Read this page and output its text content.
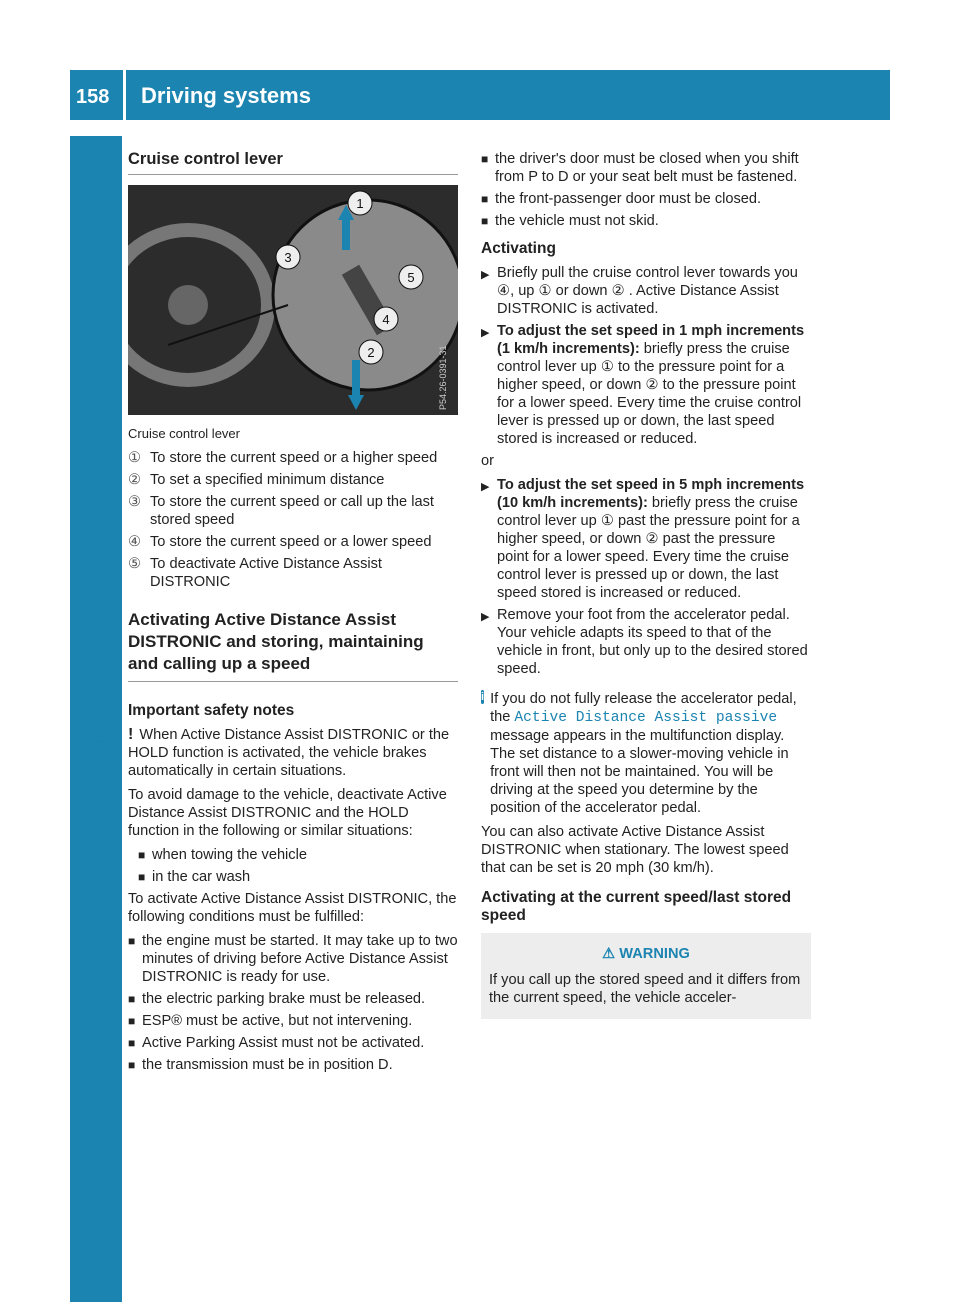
158 Driving systems
Driving and parking
Cruise control lever
1
3
5
4
2	P54.26-0391-31

Cruise control lever

① To store the current speed or a higher speed
② To set a specified minimum distance
③ To store the current speed or call up the last stored speed
④ To store the current speed or a lower speed
⑤ To deactivate Active Distance Assist DISTRONIC
Activating Active Distance Assist DISTRONIC and storing, maintaining and calling up a speed
Important safety notes

! When Active Distance Assist DISTRONIC or the HOLD function is activated, the vehicle brakes automatically in certain situations.

To avoid damage to the vehicle, deactivate Active Distance Assist DISTRONIC and the HOLD function in the following or similar situations:

■ when towing the vehicle
■ in the car wash

To activate Active Distance Assist DISTRONIC, the following conditions must be fulfilled:

■ the engine must be started. It may take up to two minutes of driving before Active Distance Assist DISTRONIC is ready for use.
■ the electric parking brake must be released.
■ ESP® must be active, but not intervening.
■ Active Parking Assist must not be activated.
■ the transmission must be in position D.
■ the driver's door must be closed when you shift from P to D or your seat belt must be fastened.
■ the front-passenger door must be closed.
■ the vehicle must not skid.
Activating
▶ Briefly pull the cruise control lever towards you ④, up ① or down ② . Active Distance Assist DISTRONIC is activated.
▶ To adjust the set speed in 1 mph increments (1 km/h increments): briefly press the cruise control lever up ① to the pressure point for a higher speed, or down ② to the pressure point for a lower speed. Every time the cruise control lever is pressed up or down, the last speed stored is increased or reduced.

or

▶ To adjust the set speed in 5 mph increments (10 km/h increments): briefly press the cruise control lever up ① past the pressure point for a higher speed, or down ② past the pressure point for a lower speed. Every time the cruise control lever is pressed up or down, the last speed stored is increased or reduced.
▶ Remove your foot from the accelerator pedal. Your vehicle adapts its speed to that of the vehicle in front, but only up to the desired stored speed.

i If you do not fully release the accelerator pedal, the Active Distance Assist passive message appears in the multifunction display. The set distance to a slower-moving vehicle in front will then not be maintained. You will be driving at the speed you determine by the position of the accelerator pedal.

You can also activate Active Distance Assist DISTRONIC when stationary. The lowest speed that can be set is 20 mph (30 km/h).

Activating at the current speed/last stored speed
⚠ WARNING
If you call up the stored speed and it differs from the current speed, the vehicle acceler-
